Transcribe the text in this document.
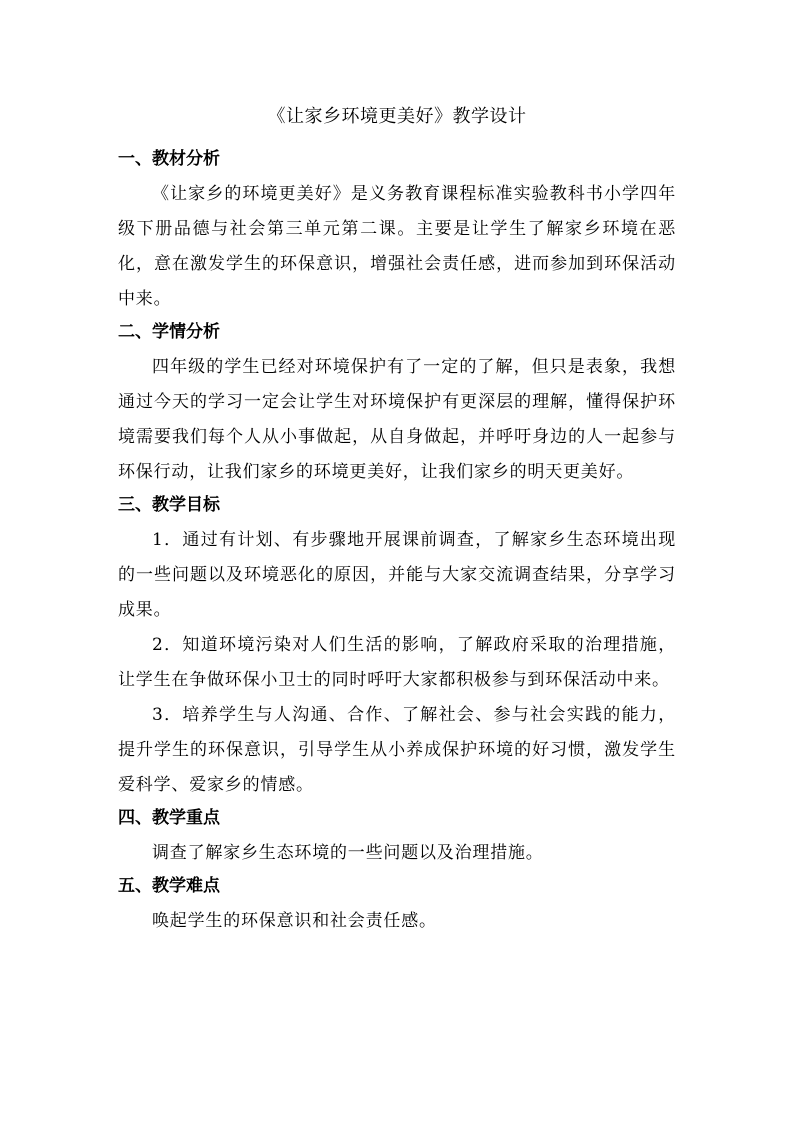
《让家乡环境更美好》教学设计
一、教材分析

《让家乡的环境更美好》是义务教育课程标准实验教科书小学四年级下册品德与社会第三单元第二课。主要是让学生了解家乡环境在恶化，意在激发学生的环保意识，增强社会责任感，进而参加到环保活动中来。

二、学情分析

四年级的学生已经对环境保护有了一定的了解，但只是表象，我想通过今天的学习一定会让学生对环境保护有更深层的理解，懂得保护环境需要我们每个人从小事做起，从自身做起，并呼吁身边的人一起参与环保行动，让我们家乡的环境更美好，让我们家乡的明天更美好。

三、教学目标

1．通过有计划、有步骤地开展课前调查，了解家乡生态环境出现的一些问题以及环境恶化的原因，并能与大家交流调查结果，分享学习成果。

2．知道环境污染对人们生活的影响，了解政府采取的治理措施，让学生在争做环保小卫士的同时呼吁大家都积极参与到环保活动中来。

3．培养学生与人沟通、合作、了解社会、参与社会实践的能力，提升学生的环保意识，引导学生从小养成保护环境的好习惯，激发学生爱科学、爱家乡的情感。

四、教学重点

调查了解家乡生态环境的一些问题以及治理措施。

五、教学难点

唤起学生的环保意识和社会责任感。
